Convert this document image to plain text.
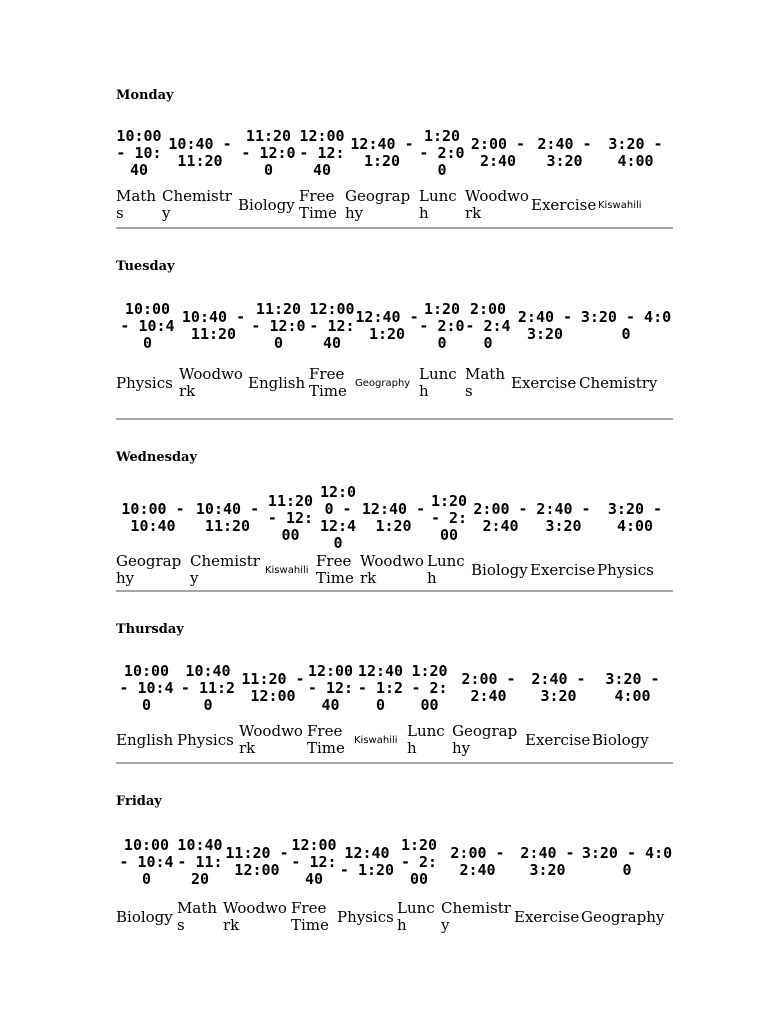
Monday
10:00 - 10:40	10:40 - 11:20	11:20 - 12:00	12:00 - 12:40	12:40 - 1:20	1:20 - 2:00	2:00 - 2:40	2:40 - 3:20	3:20 - 4:00
Maths	Chemistry	Biology	Free Time	Geography	Lunch	Woodwork	Exercise	Kiswahili
Tuesday
10:00 - 10:40	10:40 - 11:20	11:20 - 12:00	12:00 - 12:40	12:40 - 1:20	1:20 - 2:00	2:00 - 2:40	2:40 - 3:20	3:20 - 4:00
Physics	Woodwork	English	Free Time	Geography	Lunch	Maths	Exercise	Chemistry
Wednesday
10:00 - 10:40	10:40 - 11:20	11:20 - 12:00	12:00 - 12:40	12:40 - 1:20	1:20 - 2:00	2:00 - 2:40	2:40 - 3:20	3:20 - 4:00
Geography	Chemistry	Kiswahili	Free Time	Woodwork	Lunch	Biology	Exercise	Physics
Thursday
10:00 - 10:40	10:40 - 11:20	11:20 - 12:00	12:00 - 12:40	12:40 - 1:20	1:20 - 2:00	2:00 - 2:40	2:40 - 3:20	3:20 - 4:00
English	Physics	Woodwork	Free Time	Kiswahili	Lunch	Geography	Exercise	Biology
Friday
10:00 - 10:40	10:40 - 11:20	11:20 - 12:00	12:00 - 12:40	12:40 - 1:20	1:20 - 2:00	2:00 - 2:40	2:40 - 3:20	3:20 - 4:00
Biology	Maths	Woodwork	Free Time	Physics	Lunch	Chemistry	Exercise	Geography
